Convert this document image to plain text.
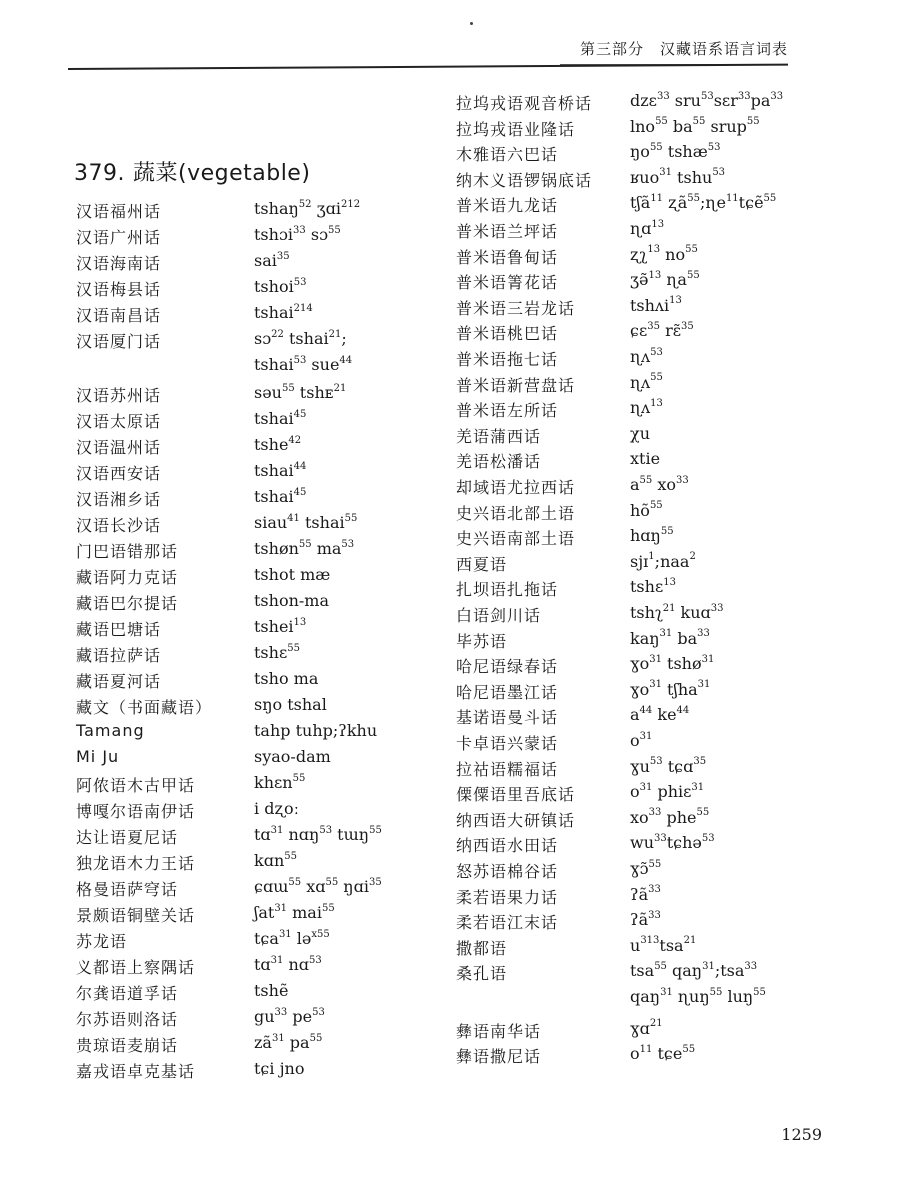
第三部分　汉藏语系语言词表
379. 蔬菜(vegetable)
汉语福州话	tshaŋ$^{52}$ ʒɑi$^{212}$
汉语广州话	tshɔi$^{33}$ sɔ$^{55}$
汉语海南话	sai$^{35}$
汉语梅县话	tshoi$^{53}$
汉语南昌话	tshai$^{214}$
汉语厦门话	sɔ$^{22}$ tshai$^{21}$;
tshai$^{53}$ sue$^{44}$
汉语苏州话	səu$^{55}$ tshᴇ$^{21}$
汉语太原话	tshai$^{45}$
汉语温州话	tshe$^{42}$
汉语西安话	tshai$^{44}$
汉语湘乡话	tshai$^{45}$
汉语长沙话	siau$^{41}$ tshai$^{55}$
门巴语错那话	tshøn$^{55}$ $ma^{53}$
藏语阿力克话	tshot mæ
藏语巴尔提话	tshon-ma
藏语巴塘话	tshei$^{13}$
藏语拉萨话	tshɛ$^{55}$
藏语夏河话	tsho ma
藏文（书面藏语）	sŋo tshal
Tamang	tahp tuhp;ʔkhu
Mi Ju	syao-dam
阿侬语木古甲话	khɛn$^{55}$
博嘎尔语南伊话	i dʐoː
达让语夏尼话	tɑ$^{31}$ nɑŋ$^{53}$ tɯŋ$^{55}$
独龙语木力王话	kɑn$^{55}$
格曼语萨穹话	ɕɑɯ$^{55}$ xɑ$^{55}$ ŋɑi$^{35}$
景颇语铜壁关话	ʃat$^{31}$ mai$^{55}$
苏龙语	tɕa$^{31}$ lə$^{x55}$
义都语上察隅话	tɑ$^{31}$ nɑ$^{53}$
尔龚语道孚话	tshẽ
尔苏语则洛话	$gu^{33}$ $pe^{53}$
贵琼语麦崩话	$zã^{31}$ $pa^{55}$
嘉戎语卓克基话	tɕi jno
拉坞戎语观音桥话 dzɛ$^{33}$ $sru^{53}sɛr^{33}pa^{33}$
拉坞戎语业隆话	lno$^{55}$ $ba^{55}$ srup$^{55}$
木雅语六巴话	$ŋo^{55}$ tshæ$^{53}$
纳木义语锣锅底话 ʁuo$^{31}$ tshu$^{53}$
普米语九龙话	tʃã$^{11}$ ʐã$^{55}$;ɳe$^{11}$tɕẽ$^{55}$
普米语兰坪话	ɳɑ$^{13}$
普米语鲁甸话	ʐʅ$^{13}$ $no^{55}$
普米语箐花话	ʒə̃$^{13}$ ɳa$^{55}$
普米语三岩龙话	tshʌi$^{13}$
普米语桃巴话	ɕɛ$^{35}$ rɛ̃$^{35}$
普米语拖七话	ɳʌ$^{53}$
普米语新营盘话	ɳʌ$^{55}$
普米语左所话	ɳʌ$^{13}$
羌语蒲西话	χu
羌语松潘话	xtie
却域语尤拉西话	$a^{55}$ $xo^{33}$
史兴语北部土语	$hõ^{55}$
史兴语南部土语	hɑŋ$^{55}$
西夏语	sjɪ$^1$;naa$^2$
扎坝语扎拖话	tshɛ$^{13}$
白语剑川话	tshʅ$^{21}$ kuɑ$^{33}$
毕苏语	kaŋ$^{31}$ $ba^{33}$
哈尼语绿春话	ɣo$^{31}$ tshø$^{31}$
哈尼语墨江话	ɣo$^{31}$ tʃha$^{31}$
基诺语曼斗话	$a^{44}$ $ke^{44}$
卡卓语兴蒙话	$o^{31}$
拉祜语糯福话	ɣu$^{53}$ tɕɑ$^{35}$
傈僳语里吾底话	$o^{31}$ phiɛ$^{31}$
纳西语大研镇话	$xo^{33}$ phe$^{55}$
纳西语水田话	$wu^{33}tɕhə^{53}$
怒苏语棉谷话	ɣɔ̃$^{55}$
柔若语果力话	ʔã$^{33}$
柔若语江末话	ʔã$^{33}$
撒都语	$u^{313}tsa^{21}$
桑孔语	tsa$^{55}$ qaŋ$^{31}$;tsa$^{33}$
qaŋ$^{31}$ ɳuŋ$^{55}$ luŋ$^{55}$
彝语南华话	ɣɑ$^{21}$
彝语撒尼话	$o^{11}$ tɕe$^{55}$
1259
